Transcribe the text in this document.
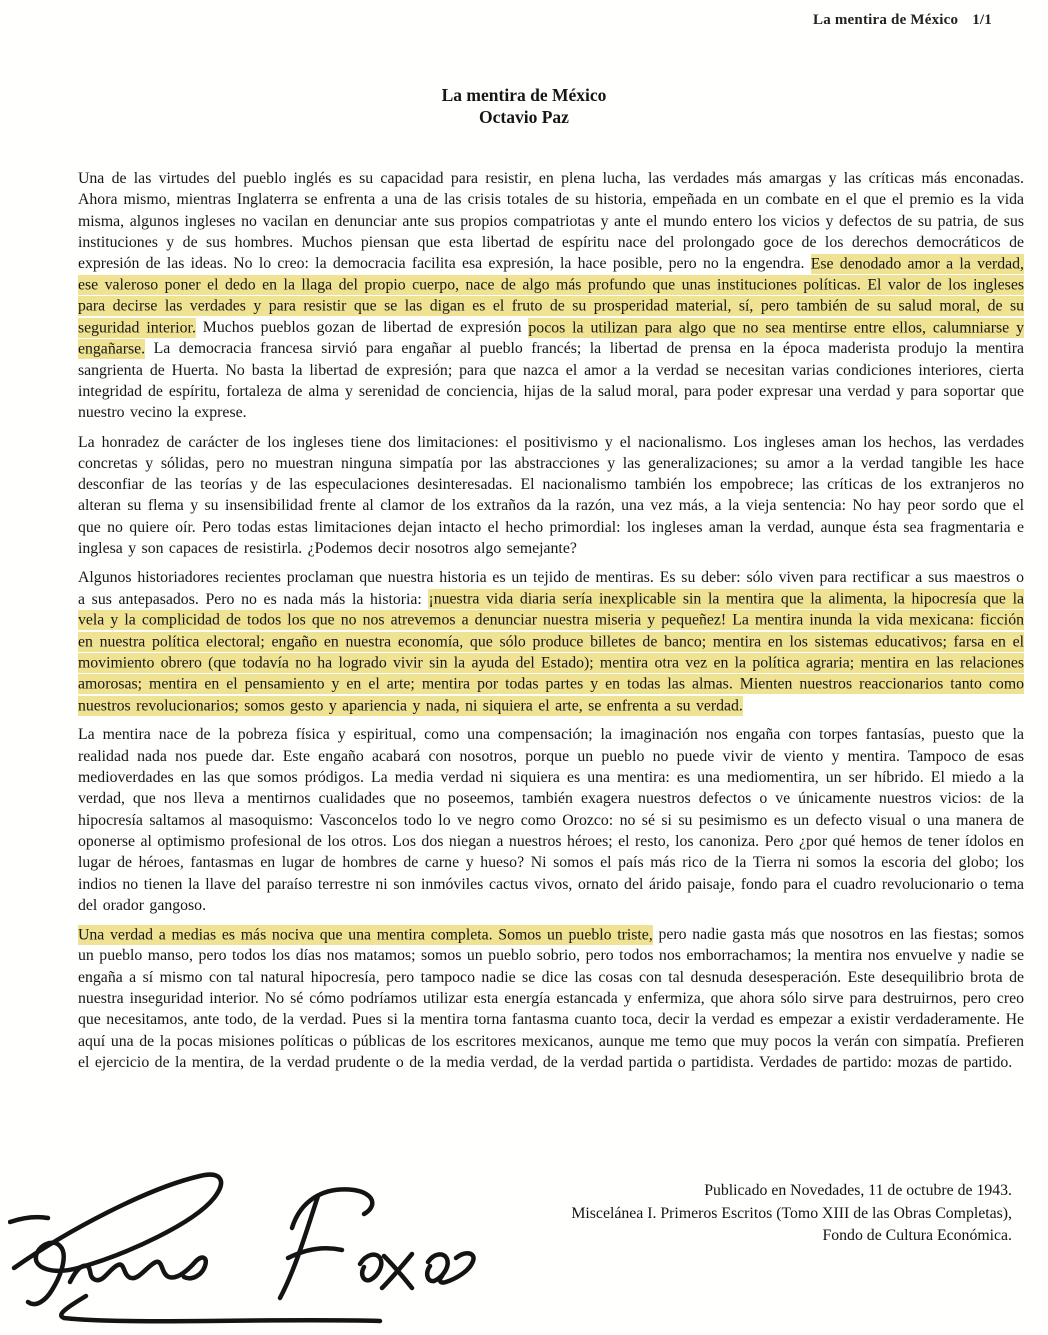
La mentira de México 1/1

La mentira de México

Octavio Paz

Una de las virtudes del pueblo inglés es su capacidad para resistir, en plena lucha, las verdades más amargas y las críticas más enconadas. Ahora mismo, mientras Inglaterra se enfrenta a una de las crisis totales de su historia, empeñada en un combate en el que el premio es la vida misma, algunos ingleses no vacilan en denunciar ante sus propios compatriotas y ante el mundo entero los vicios y defectos de su patria, de sus instituciones y de sus hombres. Muchos piensan que esta libertad de espíritu nace del prolongado goce de los derechos democráticos de expresión de las ideas. No lo creo: la democracia facilita esa expresión, la hace posible, pero no la engendra. Ese denodado amor a la verdad, ese valeroso poner el dedo en la llaga del propio cuerpo, nace de algo más profundo que unas instituciones políticas. El valor de los ingleses para decirse las verdades y para resistir que se las digan es el fruto de su prosperidad material, sí, pero también de su salud moral, de su seguridad interior. Muchos pueblos gozan de libertad de expresión pocos la utilizan para algo que no sea mentirse entre ellos, calumniarse y engañarse. La democracia francesa sirvió para engañar al pueblo francés; la libertad de prensa en la época maderista produjo la mentira sangrienta de Huerta. No basta la libertad de expresión; para que nazca el amor a la verdad se necesitan varias condiciones interiores, cierta integridad de espíritu, fortaleza de alma y serenidad de conciencia, hijas de la salud moral, para poder expresar una verdad y para soportar que nuestro vecino la exprese.

La honradez de carácter de los ingleses tiene dos limitaciones: el positivismo y el nacionalismo. Los ingleses aman los hechos, las verdades concretas y sólidas, pero no muestran ninguna simpatía por las abstracciones y las generalizaciones; su amor a la verdad tangible les hace desconfiar de las teorías y de las especulaciones desinteresadas. El nacionalismo también los empobrece; las críticas de los extranjeros no alteran su flema y su insensibilidad frente al clamor de los extraños da la razón, una vez más, a la vieja sentencia: No hay peor sordo que el que no quiere oír. Pero todas estas limitaciones dejan intacto el hecho primordial: los ingleses aman la verdad, aunque ésta sea fragmentaria e inglesa y son capaces de resistirla. ¿Podemos decir nosotros algo semejante?

Algunos historiadores recientes proclaman que nuestra historia es un tejido de mentiras. Es su deber: sólo viven para rectificar a sus maestros o a sus antepasados. Pero no es nada más la historia: ¡nuestra vida diaria sería inexplicable sin la mentira que la alimenta, la hipocresía que la vela y la complicidad de todos los que no nos atrevemos a denunciar nuestra miseria y pequeñez! La mentira inunda la vida mexicana: ficción en nuestra política electoral; engaño en nuestra economía, que sólo produce billetes de banco; mentira en los sistemas educativos; farsa en el movimiento obrero (que todavía no ha logrado vivir sin la ayuda del Estado); mentira otra vez en la política agraria; mentira en las relaciones amorosas; mentira en el pensamiento y en el arte; mentira por todas partes y en todas las almas. Mienten nuestros reaccionarios tanto como nuestros revolucionarios; somos gesto y apariencia y nada, ni siquiera el arte, se enfrenta a su verdad.

La mentira nace de la pobreza física y espiritual, como una compensación; la imaginación nos engaña con torpes fantasías, puesto que la realidad nada nos puede dar. Este engaño acabará con nosotros, porque un pueblo no puede vivir de viento y mentira. Tampoco de esas medioverdades en las que somos pródigos. La media verdad ni siquiera es una mentira: es una mediomentira, un ser híbrido. El miedo a la verdad, que nos lleva a mentirnos cualidades que no poseemos, también exagera nuestros defectos o ve únicamente nuestros vicios: de la hipocresía saltamos al masoquismo: Vasconcelos todo lo ve negro como Orozco: no sé si su pesimismo es un defecto visual o una manera de oponerse al optimismo profesional de los otros. Los dos niegan a nuestros héroes; el resto, los canoniza. Pero ¿por qué hemos de tener ídolos en lugar de héroes, fantasmas en lugar de hombres de carne y hueso? Ni somos el país más rico de la Tierra ni somos la escoria del globo; los indios no tienen la llave del paraíso terrestre ni son inmóviles cactus vivos, ornato del árido paisaje, fondo para el cuadro revolucionario o tema del orador gangoso.

Una verdad a medias es más nociva que una mentira completa. Somos un pueblo triste, pero nadie gasta más que nosotros en las fiestas; somos un pueblo manso, pero todos los días nos matamos; somos un pueblo sobrio, pero todos nos emborrachamos; la mentira nos envuelve y nadie se engaña a sí mismo con tal natural hipocresía, pero tampoco nadie se dice las cosas con tal desnuda desesperación. Este desequilibrio brota de nuestra inseguridad interior. No sé cómo podríamos utilizar esta energía estancada y enfermiza, que ahora sólo sirve para destruirnos, pero creo que necesitamos, ante todo, de la verdad. Pues si la mentira torna fantasma cuanto toca, decir la verdad es empezar a existir verdaderamente. He aquí una de la pocas misiones políticas o públicas de los escritores mexicanos, aunque me temo que muy pocos la verán con simpatía. Prefieren el ejercicio de la mentira, de la verdad prudente o de la media verdad, de la verdad partida o partidista. Verdades de partido: mozas de partido.

Publicado en Novedades, 11 de octubre de 1943.
Miscelánea I. Primeros Escritos (Tomo XIII de las Obras Completas),
Fondo de Cultura Económica.
